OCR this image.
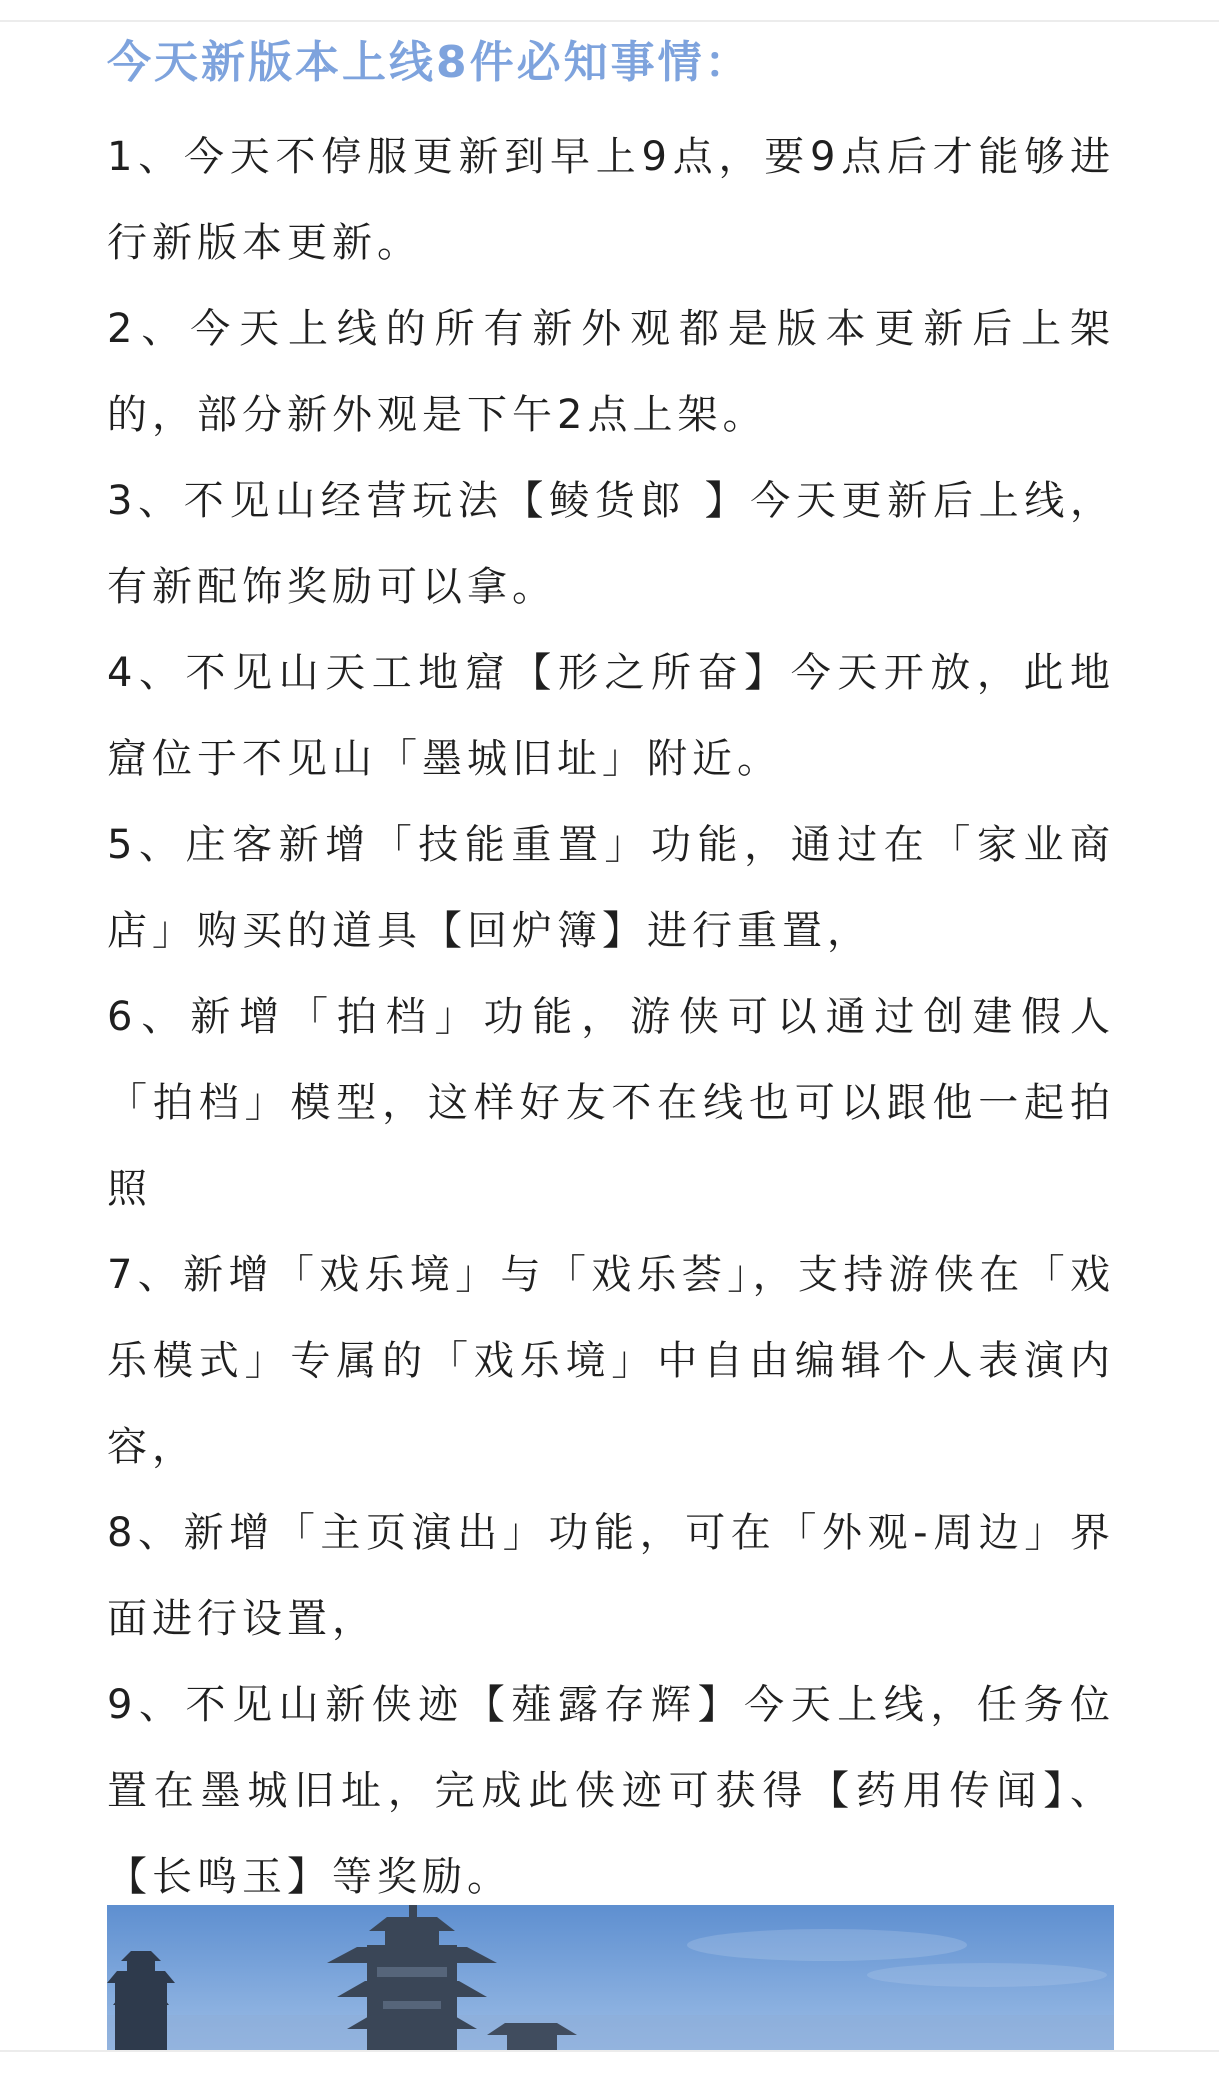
今天新版本上线8件必知事情：

1、今天不停服更新到早上9点，要9点后才能够进行新版本更新。

2、今天上线的所有新外观都是版本更新后上架的，部分新外观是下午2点上架。

3、不见山经营玩法【鲮货郎 】今天更新后上线，有新配饰奖励可以拿。

4、不见山天工地窟【形之所奋】今天开放，此地窟位于不见山「墨城旧址」附近。

5、庄客新增「技能重置」功能，通过在「家业商店」购买的道具【回炉簿】进行重置，

6、新增「拍档」功能，游侠可以通过创建假人「拍档」模型，这样好友不在线也可以跟他一起拍照

7、新增「戏乐境」与「戏乐荟」，支持游侠在「戏乐模式」专属的「戏乐境」中自由编辑个人表演内容，

8、新增「主页演出」功能，可在「外观-周边」界面进行设置，

9、不见山新侠迹【薤露存辉】今天上线，任务位置在墨城旧址，完成此侠迹可获得【药用传闻】、【长鸣玉】等奖励。
